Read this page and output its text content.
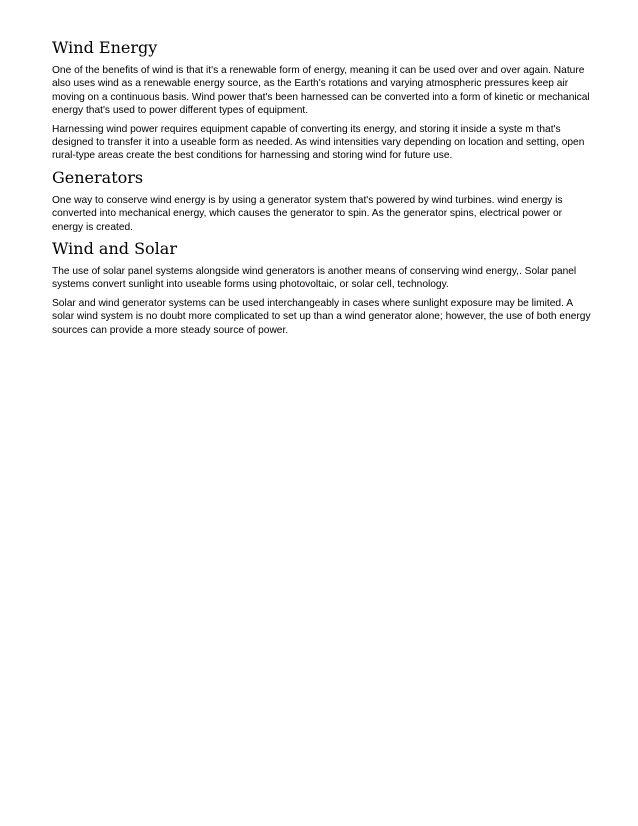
Wind Energy

One of the benefits of wind is that it's a renewable form of energy, meaning it can be used over and over again. Nature also uses wind as a renewable energy source, as the Earth's rotations and varying atmospheric pressures keep air moving on a continuous basis. Wind power that's been harnessed can be converted into a form of kinetic or mechanical energy that's used to power different types of equipment.

Harnessing wind power requires equipment capable of converting its energy, and storing it inside a syste m that's designed to transfer it into a useable form as needed. As wind intensities vary depending on location and setting, open rural-type areas create the best conditions for harnessing and storing wind for future use.

Generators

One way to conserve wind energy is by using a generator system that's powered by wind turbines. wind energy is converted into mechanical energy, which causes the generator to spin. As the generator spins, electrical power or energy is created.

Wind and Solar

The use of solar panel systems alongside wind generators is another means of conserving wind energy,. Solar panel systems convert sunlight into useable forms using photovoltaic, or solar cell, technology.

Solar and wind generator systems can be used interchangeably in cases where sunlight exposure may be limited. A solar wind system is no doubt more complicated to set up than a wind generator alone; however, the use of both energy sources can provide a more steady source of power.
